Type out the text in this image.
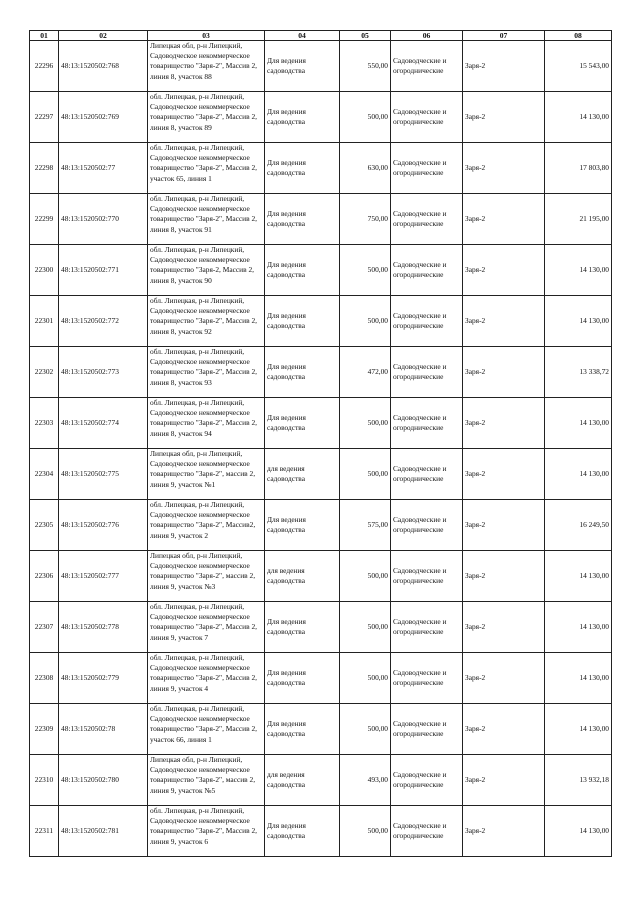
01	02	03	04	05	06	07	08
22296	48:13:1520502:768	Липецкая обл, р-н Липецкий, Садоводческое некоммерческое товарищество "Заря-2", Массив 2, линия 8, участок 88	Для ведения садоводства	550,00	Садоводческие и огороднические	Заря-2	15 543,00
22297	48:13:1520502:769	обл. Липецкая, р-н Липецкий, Садоводческое некоммерческое товарищество "Заря-2", Массив 2, линия 8, участок 89	Для ведения садоводства	500,00	Садоводческие и огороднические	Заря-2	14 130,00
22298	48:13:1520502:77	обл. Липецкая, р-н Липецкий, Садоводческое некоммерческое товарищество "Заря-2", Массив 2, участок 65, линия 1	Для ведения садоводства	630,00	Садоводческие и огороднические	Заря-2	17 803,80
22299	48:13:1520502:770	обл. Липецкая, р-н Липецкий, Садоводческое некоммерческое товарищество "Заря-2", Массив 2, линия 8, участок 91	Для ведения садоводства	750,00	Садоводческие и огороднические	Заря-2	21 195,00
22300	48:13:1520502:771	обл. Липецкая, р-н Липецкий, Садоводческое некоммерческое товарищество "Заря-2, Массив 2, линия 8, участок 90	Для ведения садоводства	500,00	Садоводческие и огороднические	Заря-2	14 130,00
22301	48:13:1520502:772	обл. Липецкая, р-н Липецкий, Садоводческое некоммерческое товарищество "Заря-2", Массив 2, линия 8, участок 92	Для ведения садоводства	500,00	Садоводческие и огороднические	Заря-2	14 130,00
22302	48:13:1520502:773	обл. Липецкая, р-н Липецкий, Садоводческое некоммерческое товарищество "Заря-2", Массив 2, линия 8, участок 93	Для ведения садоводства	472,00	Садоводческие и огороднические	Заря-2	13 338,72
22303	48:13:1520502:774	обл. Липецкая, р-н Липецкий, Садоводческое некоммерческое товарищество "Заря-2", Массив 2, линия 8, участок 94	Для ведения садоводства	500,00	Садоводческие и огороднические	Заря-2	14 130,00
22304	48:13:1520502:775	Липецкая обл, р-н Липецкий, Садоводческое некоммерческое товарищество "Заря-2", массив 2, линия 9, участок №1	для ведения садоводства	500,00	Садоводческие и огороднические	Заря-2	14 130,00
22305	48:13:1520502:776	обл. Липецкая, р-н Липецкий, Садоводческое некоммерческое товарищество "Заря-2", Массив2, линия 9, участок 2	Для ведения садоводства	575,00	Садоводческие и огороднические	Заря-2	16 249,50
22306	48:13:1520502:777	Липецкая обл, р-н Липецкий, Садоводческое некоммерческое товарищество "Заря-2", массив 2, линия 9, участок №3	для ведения садоводства	500,00	Садоводческие и огороднические	Заря-2	14 130,00
22307	48:13:1520502:778	обл. Липецкая, р-н Липецкий, Садоводческое некоммерческое товарищество "Заря-2", Массив 2, линия 9, участок 7	Для ведения садоводства	500,00	Садоводческие и огороднические	Заря-2	14 130,00
22308	48:13:1520502:779	обл. Липецкая, р-н Липецкий, Садоводческое некоммерческое товарищество "Заря-2", Массив 2, линия 9, участок 4	Для ведения садоводства	500,00	Садоводческие и огороднические	Заря-2	14 130,00
22309	48:13:1520502:78	обл. Липецкая, р-н Липецкий, Садоводческое некоммерческое товарищество "Заря-2", Массив 2, участок 66, линия 1	Для ведения садоводства	500,00	Садоводческие и огороднические	Заря-2	14 130,00
22310	48:13:1520502:780	Липецкая обл, р-н Липецкий, Садоводческое некоммерческое товарищество "Заря-2", массив 2, линия 9, участок №5	для ведения садоводства	493,00	Садоводческие и огороднические	Заря-2	13 932,18
22311	48:13:1520502:781	обл. Липецкая, р-н Липецкий, Садоводческое некоммерческое товарищество "Заря-2", Массив 2, линия 9, участок 6	Для ведения садоводства	500,00	Садоводческие и огороднические	Заря-2	14 130,00
